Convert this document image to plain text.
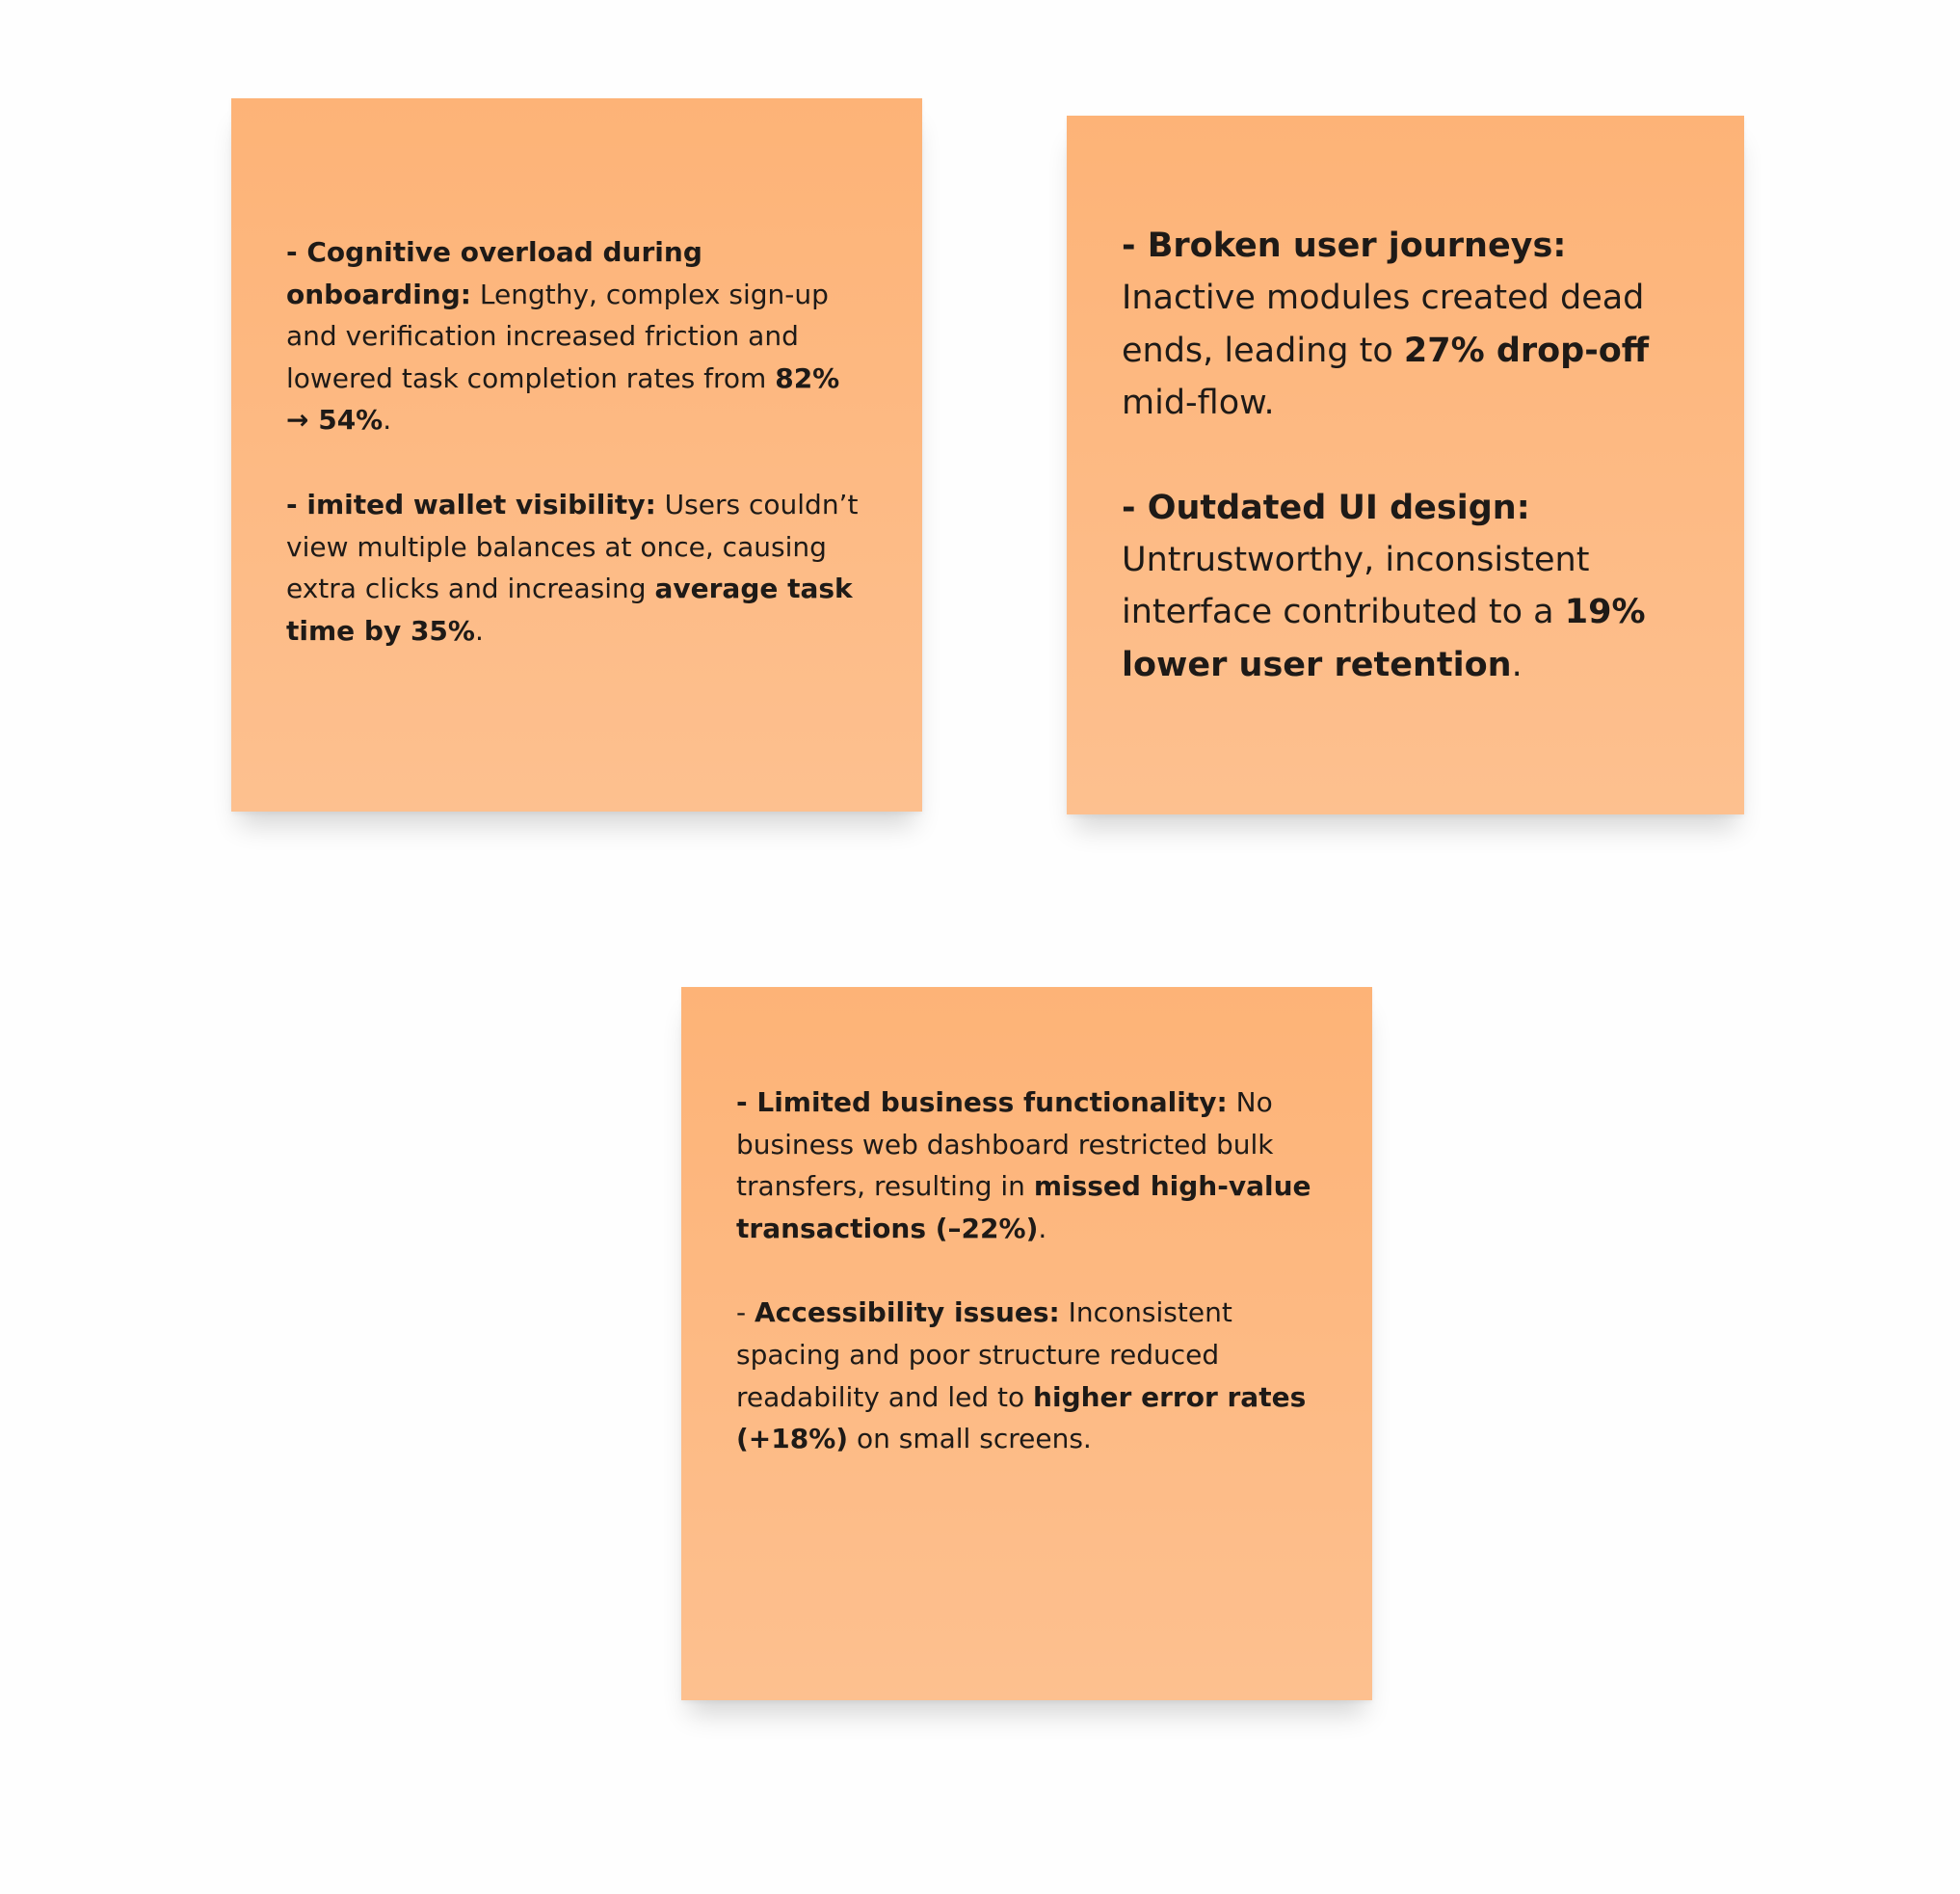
- Cognitive overload during onboarding: Lengthy, complex sign-up and verification increased friction and lowered task completion rates from 82% → 54%.

- imited wallet visibility: Users couldn’t view multiple balances at once, causing extra clicks and increasing average task time by 35%.

- Broken user journeys: Inactive modules created dead ends, leading to 27% drop-off mid-flow.

- Outdated UI design: Untrustworthy, inconsistent interface contributed to a 19% lower user retention.

- Limited business functionality: No business web dashboard restricted bulk transfers, resulting in missed high-value transactions (–22%).

- Accessibility issues: Inconsistent spacing and poor structure reduced readability and led to higher error rates (+18%) on small screens.
